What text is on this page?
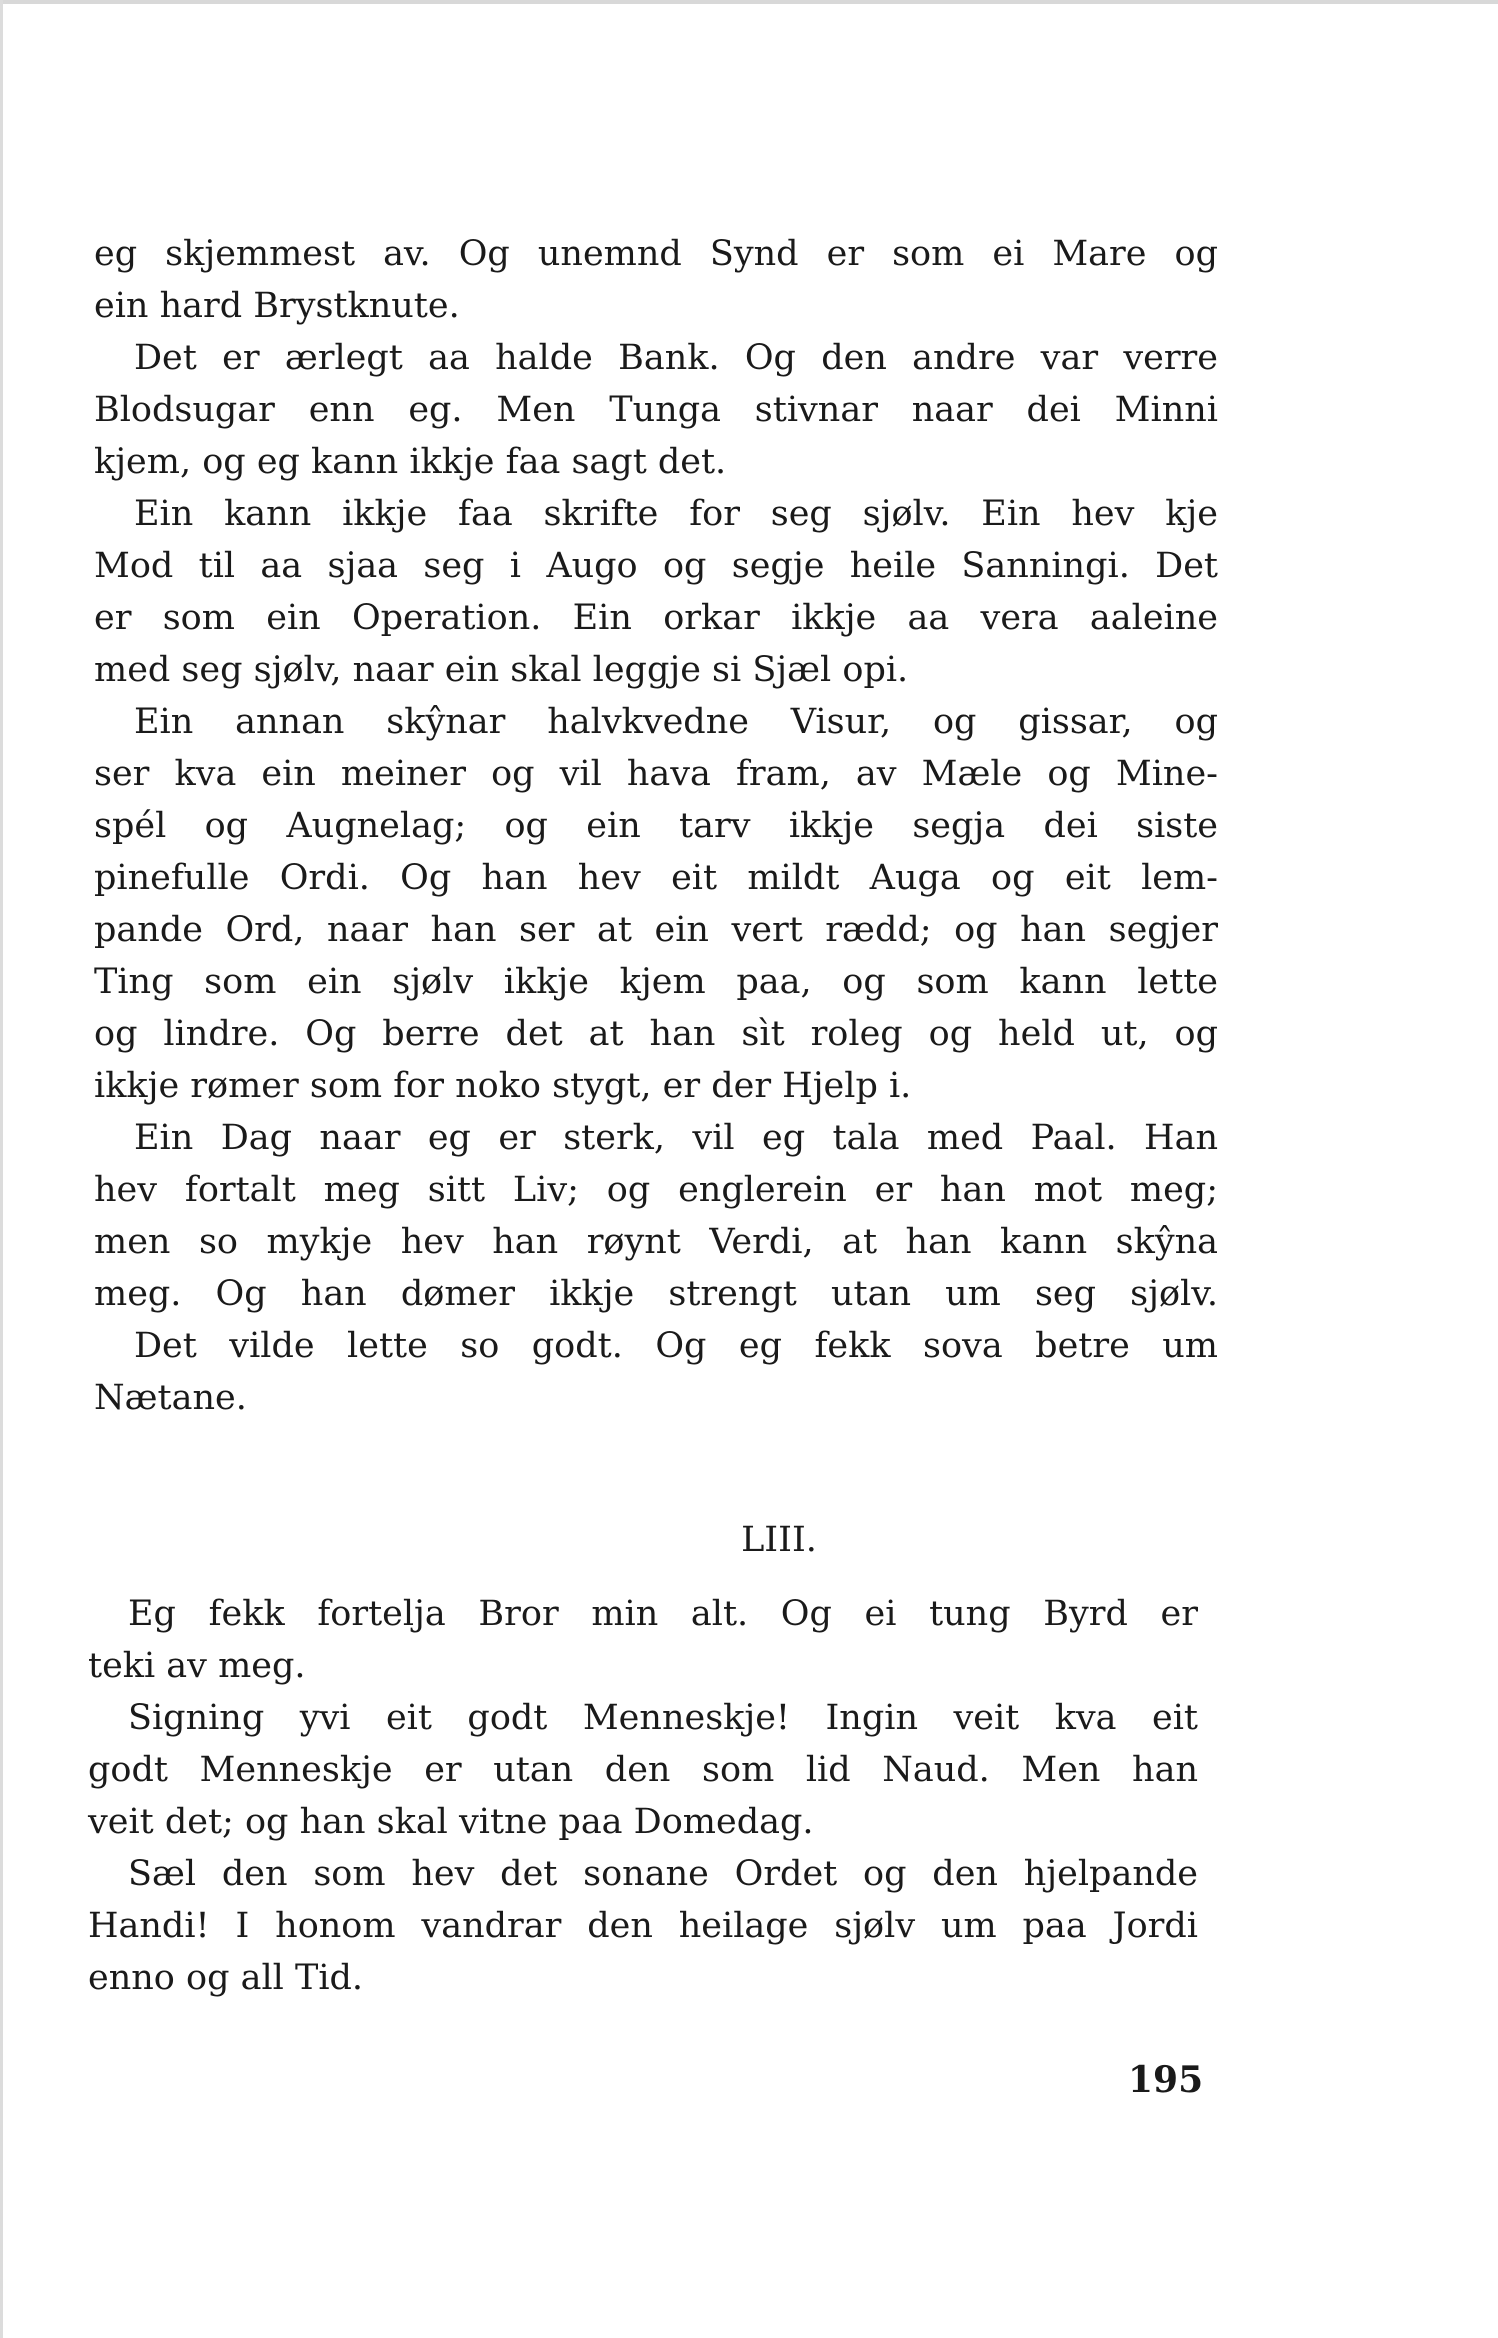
eg skjemmest av. Og unemnd Synd er som ei Mare og
ein hard Brystknute.
Det er ærlegt aa halde Bank. Og den andre var verre
Blodsugar enn eg. Men Tunga stivnar naar dei Minni
kjem, og eg kann ikkje faa sagt det.
Ein kann ikkje faa skrifte for seg sjølv. Ein hev kje
Mod til aa sjaa seg i Augo og segje heile Sanningi. Det
er som ein Operation. Ein orkar ikkje aa vera aaleine
med seg sjølv, naar ein skal leggje si Sjæl opi.
Ein annan skŷnar halvkvedne Visur, og gissar, og
ser kva ein meiner og vil hava fram, av Mæle og Mine-
spél og Augnelag; og ein tarv ikkje segja dei siste
pinefulle Ordi. Og han hev eit mildt Auga og eit lem-
pande Ord, naar han ser at ein vert rædd; og han segjer
Ting som ein sjølv ikkje kjem paa, og som kann lette
og lindre. Og berre det at han sìt roleg og held ut, og
ikkje rømer som for noko stygt, er der Hjelp i.
Ein Dag naar eg er sterk, vil eg tala med Paal. Han
hev fortalt meg sitt Liv; og englerein er han mot meg;
men so mykje hev han røynt Verdi, at han kann skŷna
meg. Og han dømer ikkje strengt utan um seg sjølv.
Det vilde lette so godt. Og eg fekk sova betre um
Nætane.
LIII.
Eg fekk fortelja Bror min alt. Og ei tung Byrd er
teki av meg.
Signing yvi eit godt Menneskje! Ingin veit kva eit
godt Menneskje er utan den som lid Naud. Men han
veit det; og han skal vitne paa Domedag.
Sæl den som hev det sonane Ordet og den hjelpande
Handi! I honom vandrar den heilage sjølv um paa Jordi
enno og all Tid.
195
